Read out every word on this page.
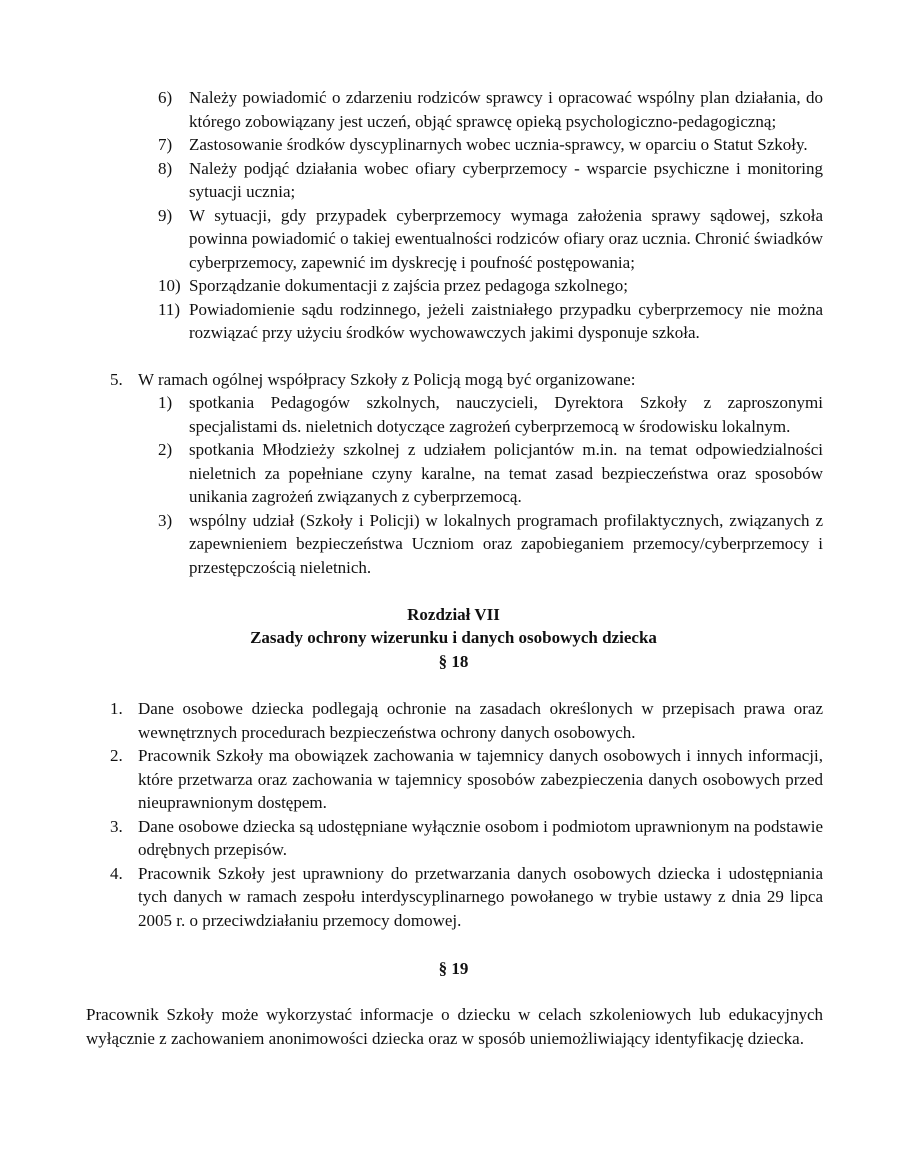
6) Należy powiadomić o zdarzeniu rodziców sprawcy i opracować wspólny plan działania, do którego zobowiązany jest uczeń, objąć sprawcę opieką psychologiczno-pedagogiczną;
7) Zastosowanie środków dyscyplinarnych wobec ucznia-sprawcy, w oparciu o Statut Szkoły.
8) Należy podjąć działania wobec ofiary cyberprzemocy - wsparcie psychiczne i monitoring sytuacji ucznia;
9) W sytuacji, gdy przypadek cyberprzemocy wymaga założenia sprawy sądowej, szkoła powinna powiadomić o takiej ewentualności rodziców ofiary oraz ucznia. Chronić świadków cyberprzemocy, zapewnić im dyskrecję i poufność postępowania;
10) Sporządzanie dokumentacji z zajścia przez pedagoga szkolnego;
11) Powiadomienie sądu rodzinnego, jeżeli zaistniałego przypadku cyberprzemocy nie można rozwiązać przy użyciu środków wychowawczych jakimi dysponuje szkoła.
5. W ramach ogólnej współpracy Szkoły z Policją mogą być organizowane:
1) spotkania Pedagogów szkolnych, nauczycieli, Dyrektora Szkoły z zaproszonymi specjalistami ds. nieletnich dotyczące zagrożeń cyberprzemocą w środowisku lokalnym.
2) spotkania Młodzieży szkolnej z udziałem policjantów m.in. na temat odpowiedzialności nieletnich za popełniane czyny karalne, na temat zasad bezpieczeństwa oraz sposobów unikania zagrożeń związanych z cyberprzemocą.
3) wspólny udział (Szkoły i Policji) w lokalnych programach profilaktycznych, związanych z zapewnieniem bezpieczeństwa Uczniom oraz zapobieganiem przemocy/cyberprzemocy i przestępczością nieletnich.
Rozdział VII
Zasady ochrony wizerunku i danych osobowych dziecka
§ 18
1. Dane osobowe dziecka podlegają ochronie na zasadach określonych w przepisach prawa oraz wewnętrznych procedurach bezpieczeństwa ochrony danych osobowych.
2. Pracownik Szkoły ma obowiązek zachowania w tajemnicy danych osobowych i innych informacji, które przetwarza oraz zachowania w tajemnicy sposobów zabezpieczenia danych osobowych przed nieuprawnionym dostępem.
3. Dane osobowe dziecka są udostępniane wyłącznie osobom i podmiotom uprawnionym na podstawie odrębnych przepisów.
4. Pracownik Szkoły jest uprawniony do przetwarzania danych osobowych dziecka i udostępniania tych danych w ramach zespołu interdyscyplinarnego powołanego w trybie ustawy z dnia 29 lipca 2005 r. o przeciwdziałaniu przemocy domowej.
§ 19

Pracownik Szkoły może wykorzystać informacje o dziecku w celach szkoleniowych lub edukacyjnych wyłącznie z zachowaniem anonimowości dziecka oraz w sposób uniemożliwiający identyfikację dziecka.
